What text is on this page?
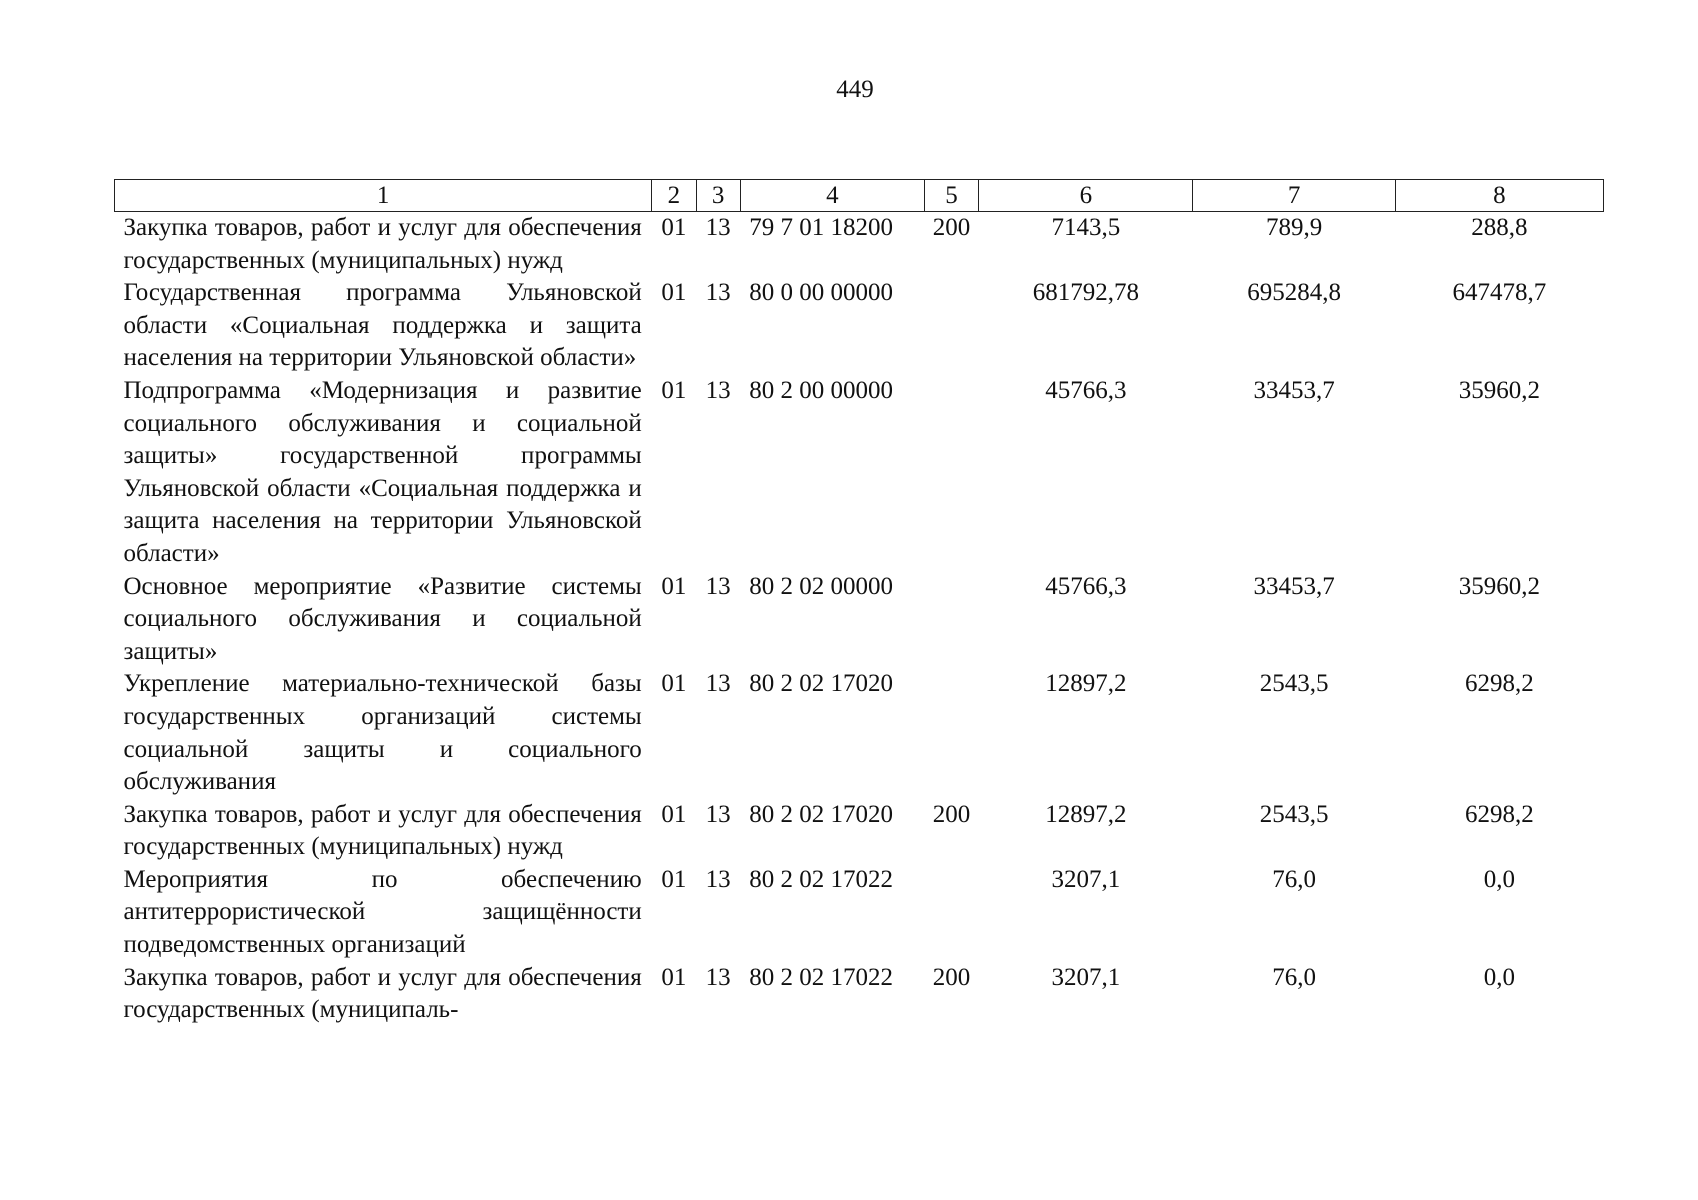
449
1	2	3	4	5	6	7	8
Закупка товаров, работ и услуг для обеспечения государственных (муниципальных) нужд	01	13	79 7 01 18200	200	7143,5	789,9	288,8
Государственная программа Ульяновской области «Социальная поддержка и защита населения на территории Ульяновской области»	01	13	80 0 00 00000		681792,78	695284,8	647478,7
Подпрограмма «Модернизация и развитие социального обслуживания и социальной защиты» государственной программы Ульяновской области «Социальная поддержка и защита населения на территории Ульяновской области»	01	13	80 2 00 00000		45766,3	33453,7	35960,2
Основное мероприятие «Развитие системы социального обслуживания и социальной защиты»	01	13	80 2 02 00000		45766,3	33453,7	35960,2
Укрепление материально-технической базы государственных организаций системы социальной защиты и социального обслуживания	01	13	80 2 02 17020		12897,2	2543,5	6298,2
Закупка товаров, работ и услуг для обеспечения государственных (муниципальных) нужд	01	13	80 2 02 17020	200	12897,2	2543,5	6298,2
Мероприятия по обеспечению антитеррористической защищённости подведомственных организаций	01	13	80 2 02 17022		3207,1	76,0	0,0
Закупка товаров, работ и услуг для обеспечения государственных (муниципаль-	01	13	80 2 02 17022	200	3207,1	76,0	0,0
